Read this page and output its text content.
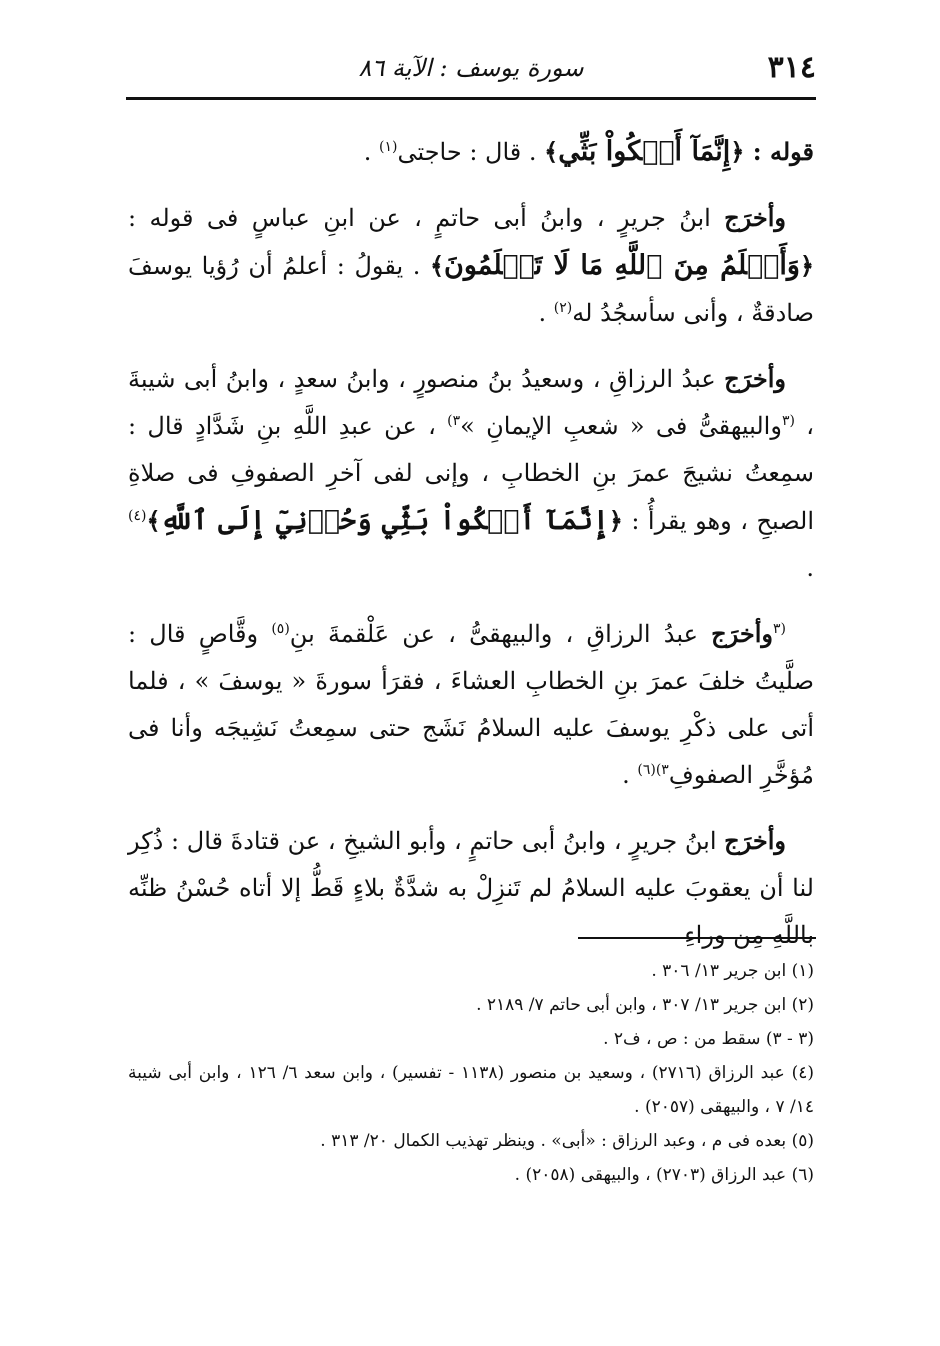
٣١٤
سورة يوسف : الآية ٨٦

قوله : ﴿إِنَّمَآ أَشۡكُواْ بَثِّي﴾ . قال : حاجتى$^{(١)}$ .

وأخرَج ابنُ جريرٍ ، وابنُ أبى حاتمٍ ، عن ابنِ عباسٍ فى قوله : ﴿وَأَعۡلَمُ مِنَ ٱللَّهِ مَا لَا تَعۡلَمُونَ﴾ . يقولُ : أعلمُ أن رُؤيا يوسفَ صادقةٌ ، وأنى سأسجُدُ له$^{(٢)}$ .

وأخرَج عبدُ الرزاقِ ، وسعيدُ بنُ منصورٍ ، وابنُ سعدٍ ، وابنُ أبى شيبةَ ، $^{(٣}$والبيهقىُّ فى « شعبِ الإيمانِ »$^{٣)}$ ، عن عبدِ اللَّهِ بنِ شَدَّادٍ قال : سمِعتُ نشيجَ عمرَ بنِ الخطابِ ، وإنى لفى آخرِ الصفوفِ فى صلاةِ الصبحِ ، وهو يقرأُ : ﴿إِنَّمَآ أَشۡكُواْ بَثِّي وَحُزۡنِيٓ إِلَى ٱللَّهِ﴾$^{(٤)}$ .

$^{(٣}$وأخرَج عبدُ الرزاقِ ، والبيهقىُّ ، عن عَلْقمةَ بنِ$^{(٥)}$ وقَّاصٍ قال : صلَّيتُ خلفَ عمرَ بنِ الخطابِ العشاءَ ، فقرَأ سورةَ « يوسفَ » ، فلما أتى على ذكْرِ يوسفَ عليه السلامُ نَشَج حتى سمِعتُ نَشِيجَه وأنا فى مُؤخَّرِ الصفوفِ$^{٣)(٦)}$ .

وأخرَج ابنُ جريرٍ ، وابنُ أبى حاتمٍ ، وأبو الشيخِ ، عن قتادةَ قال : ذُكِر لنا أن يعقوبَ عليه السلامُ لم تَنزِلْ به شدَّةٌ بلاءٍ قَطُّ إلا أتاه حُسْنُ ظنِّه باللَّهِ مِن وراءِ

(١) ابن جرير ١٣/ ٣٠٦ .

(٢) ابن جرير ١٣/ ٣٠٧ ، وابن أبى حاتم ٧/ ٢١٨٩ .

(٣ - ٣) سقط من : ص ، ف٢ .

(٤) عبد الرزاق (٢٧١٦) ، وسعيد بن منصور (١١٣٨ - تفسير) ، وابن سعد ٦/ ١٢٦ ، وابن أبى شيبة ١٤/ ٧ ، والبيهقى (٢٠٥٧) .

(٥) بعده فى م ، وعبد الرزاق : «أبى» . وينظر تهذيب الكمال ٢٠/ ٣١٣ .

(٦) عبد الرزاق (٢٧٠٣) ، والبيهقى (٢٠٥٨) .
